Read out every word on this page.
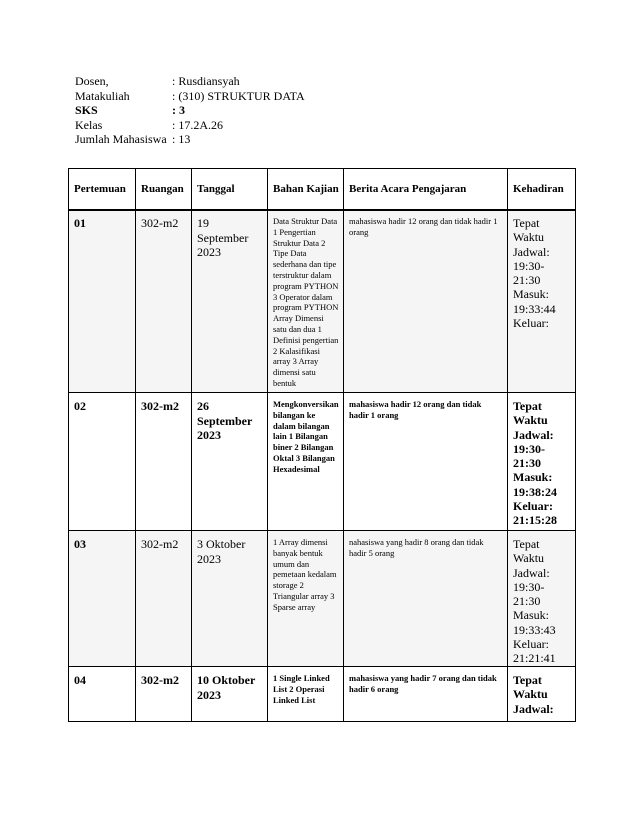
Dosen,	: Rusdiansyah
Matakuliah	: (310) STRUKTUR DATA
SKS	: 3
Kelas	: 17.2A.26
Jumlah Mahasiswa : 13
Pertemuan	Ruangan	Tanggal	Bahan Kajian	Berita Acara Pengajaran	Kehadiran
01	302-m2	19 September 2023	Data Struktur Data 1 Pengertian Struktur Data 2 Tipe Data sederhana dan tipe terstruktur dalam program PYTHON 3 Operator dalam program PYTHON Array Dimensi satu dan dua 1 Definisi pengertian 2 Kalasifikasi array 3 Array dimensi satu bentuk	mahasiswa hadir 12 orang dan tidak hadir 1 orang	Tepat Waktu Jadwal: 19:30-21:30 Masuk: 19:33:44 Keluar:
02	302-m2	26 September 2023	Mengkonversikan bilangan ke dalam bilangan lain 1 Bilangan biner 2 Bilangan Oktal 3 Bilangan Hexadesimal	mahasiswa hadir 12 orang dan tidak hadir 1 orang	Tepat Waktu Jadwal: 19:30-21:30 Masuk: 19:38:24 Keluar: 21:15:28
03	302-m2	3 Oktober 2023	1 Array dimensi banyak bentuk umum dan pemetaan kedalam storage 2 Triangular array 3 Sparse array	nahasiswa yang hadir 8 orang dan tidak hadir 5 orang	Tepat Waktu Jadwal: 19:30-21:30 Masuk: 19:33:43 Keluar: 21:21:41
04	302-m2	10 Oktober 2023	1 Single Linked List 2 Operasi Linked List	mahasiswa yang hadir 7 orang dan tidak hadir 6 orang	Tepat Waktu Jadwal:
